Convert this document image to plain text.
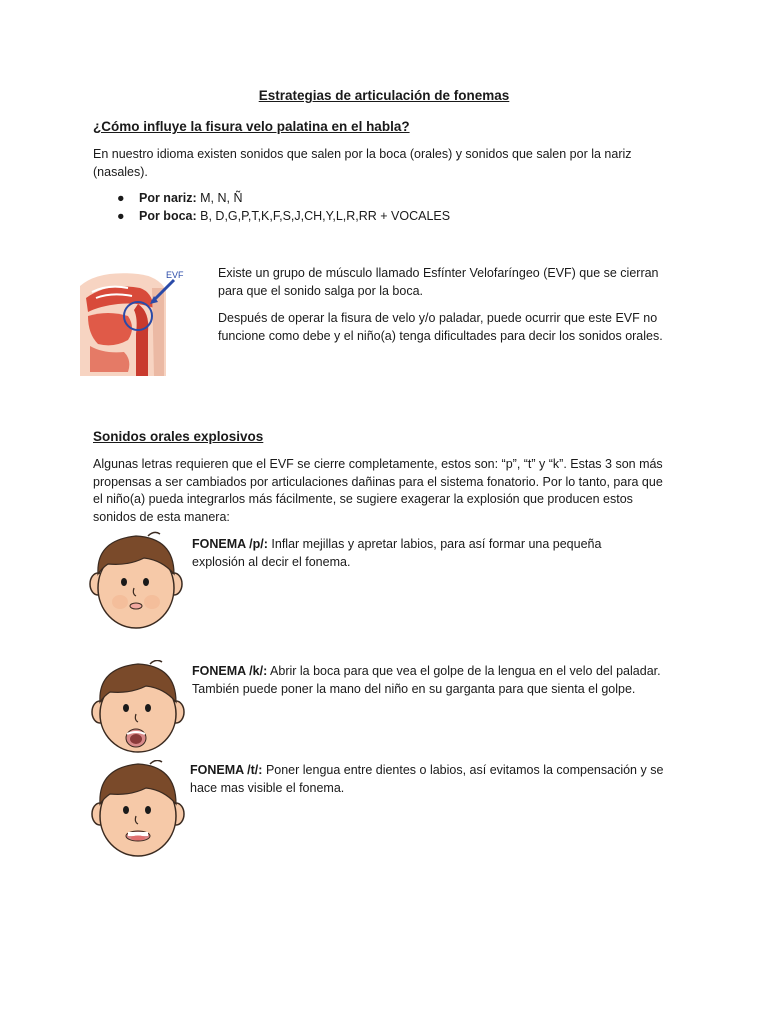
Estrategias de articulación de fonemas
¿Cómo influye la fisura velo palatina en el habla?
En nuestro idioma existen sonidos que salen por la boca (orales) y sonidos que salen por la nariz (nasales).
● Por nariz: M, N, Ñ
● Por boca: B, D,G,P,T,K,F,S,J,CH,Y,L,R,RR + VOCALES
EVF	Existe un grupo de músculo llamado Esfínter Velofaríngeo (EVF) que se cierran para que el sonido salga por la boca.
Después de operar la fisura de velo y/o paladar, puede ocurrir que este EVF no funcione como debe y el niño(a) tenga dificultades para decir los sonidos orales.
Sonidos orales explosivos
Algunas letras requieren que el EVF se cierre completamente, estos son: “p”, “t” y “k”. Estas 3 son más propensas a ser cambiados por articulaciones dañinas para el sistema fonatorio. Por lo tanto, para que el niño(a) pueda integrarlos más fácilmente, se sugiere exagerar la explosión que producen estos sonidos de esta manera:
FONEMA /p/: Inflar mejillas y apretar labios, para así formar una pequeña explosión al decir el fonema.
FONEMA /k/: Abrir la boca para que vea el golpe de la lengua en el velo del paladar. También puede poner la mano del niño en su garganta para que sienta el golpe.
FONEMA /t/: Poner lengua entre dientes o labios, así evitamos la compensación y se hace mas visible el fonema.
